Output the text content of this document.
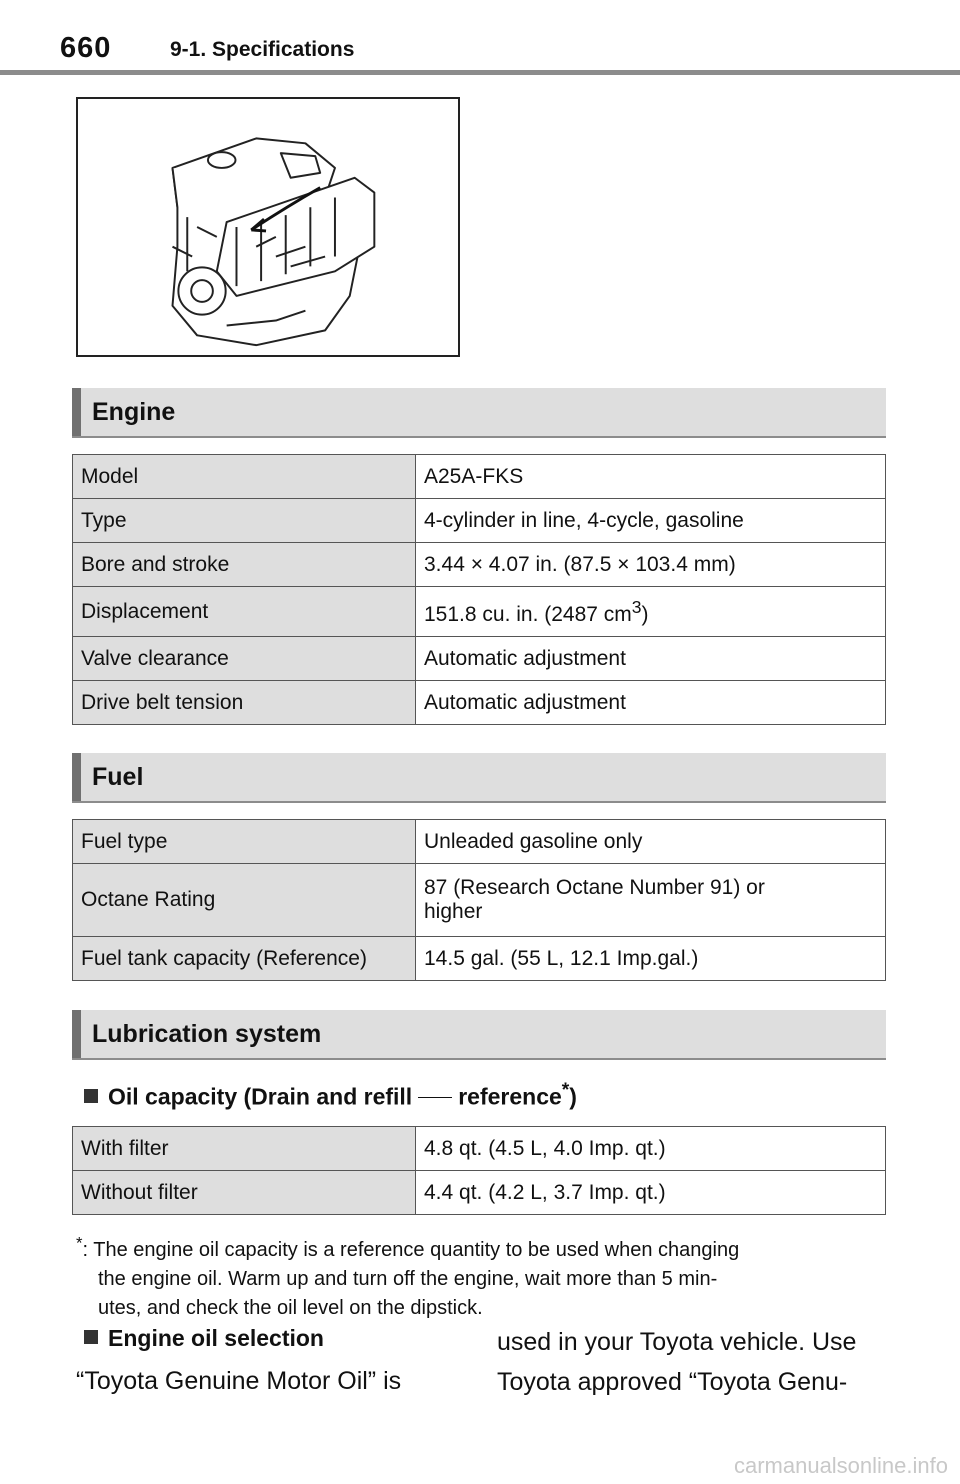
660	9-1. Specifications
Engine
Model	A25A-FKS
Type	4-cylinder in line, 4-cycle, gasoline
Bore and stroke	3.44 × 4.07 in. (87.5 × 103.4 mm)
Displacement	151.8 cu. in. (2487 $cm^3$)
Valve clearance	Automatic adjustment
Drive belt tension	Automatic adjustment
Fuel
Fuel type	Unleaded gasoline only
Octane Rating	87 (Research Octane Number 91) or
higher
Fuel tank capacity (Reference)	14.5 gal. (55 L, 12.1 Imp.gal.)
Lubrication system
Oil capacity (Drain and refill reference*)
With filter	4.8 qt. (4.5 L, 4.0 Imp. qt.)
Without filter	4.4 qt. (4.2 L, 3.7 Imp. qt.)
*: The engine oil capacity is a reference quantity to be used when changing
the engine oil. Warm up and turn off the engine, wait more than 5 min-
utes, and check the oil level on the dipstick.
Engine oil selection
“Toyota Genuine Motor Oil” is
used in your Toyota vehicle. Use
Toyota approved “Toyota Genu-
carmanualsonline.info
